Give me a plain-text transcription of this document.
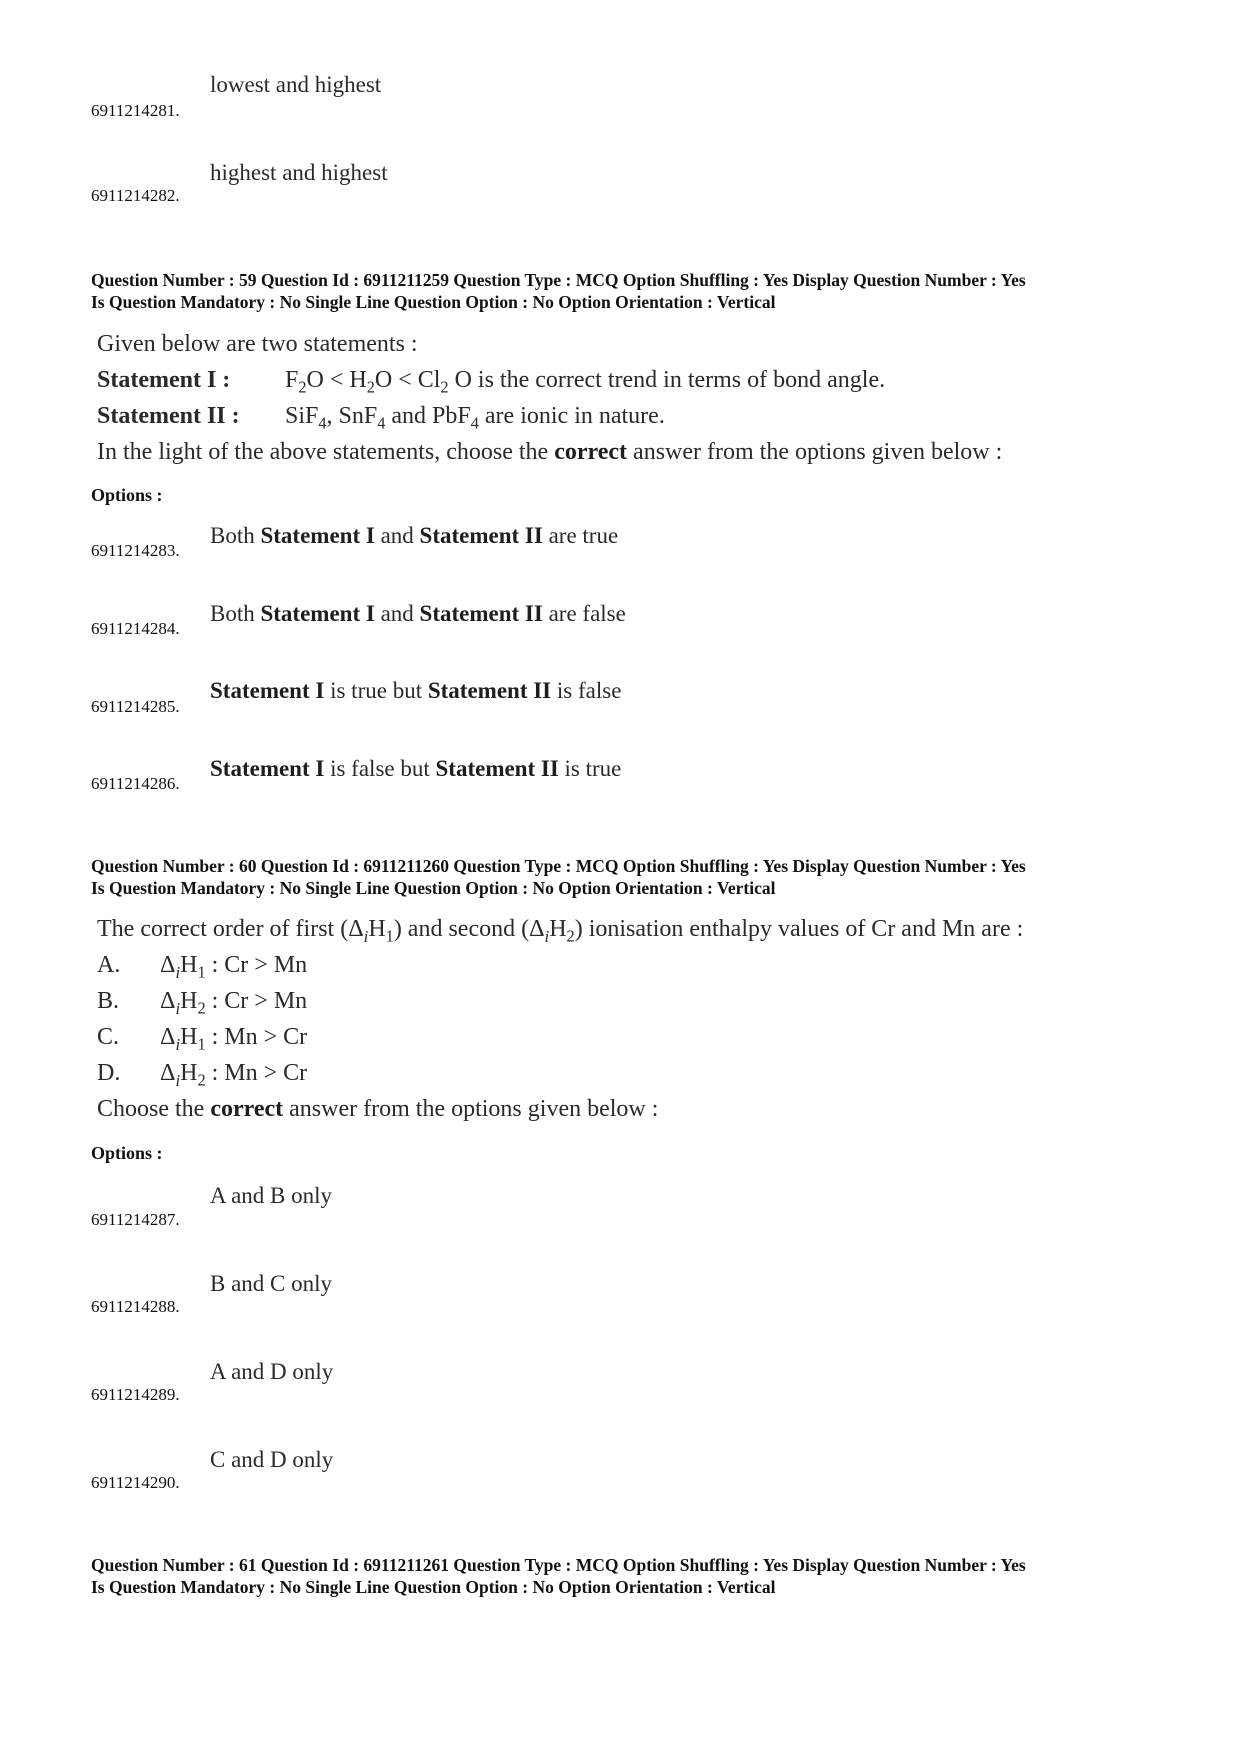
lowest and highest
6911214281.
highest and highest
6911214282.
Question Number : 59 Question Id : 6911211259 Question Type : MCQ Option Shuffling : Yes Display Question Number : Yes
Is Question Mandatory : No Single Line Question Option : No Option Orientation : Vertical
Given below are two statements :
Statement I : $F_2O < H_2O < Cl_2$ O is the correct trend in terms of bond angle.
Statement II : SiF$_4$, SnF$_4$ and PbF$_4$ are ionic in nature.
In the light of the above statements, choose the correct answer from the options given below :
Options :
Both Statement I and Statement II are true
6911214283.
Both Statement I and Statement II are false
6911214284.
Statement I is true but Statement II is false
6911214285.
Statement I is false but Statement II is true
6911214286.
Question Number : 60 Question Id : 6911211260 Question Type : MCQ Option Shuffling : Yes Display Question Number : Yes
Is Question Mandatory : No Single Line Question Option : No Option Orientation : Vertical
The correct order of first $(\Delta_iH_1)$ and second $(\Delta_iH_2)$ ionisation enthalpy values of Cr and Mn are :
A. $\Delta_iH_1$ : Cr > Mn
B. $\Delta_iH_2$ : Cr > Mn
C. $\Delta_iH_1$ : Mn > Cr
D. $\Delta_iH_2$ : Mn > Cr
Choose the correct answer from the options given below :
Options :
A and B only
6911214287.
B and C only
6911214288.
A and D only
6911214289.
C and D only
6911214290.
Question Number : 61 Question Id : 6911211261 Question Type : MCQ Option Shuffling : Yes Display Question Number : Yes
Is Question Mandatory : No Single Line Question Option : No Option Orientation : Vertical
